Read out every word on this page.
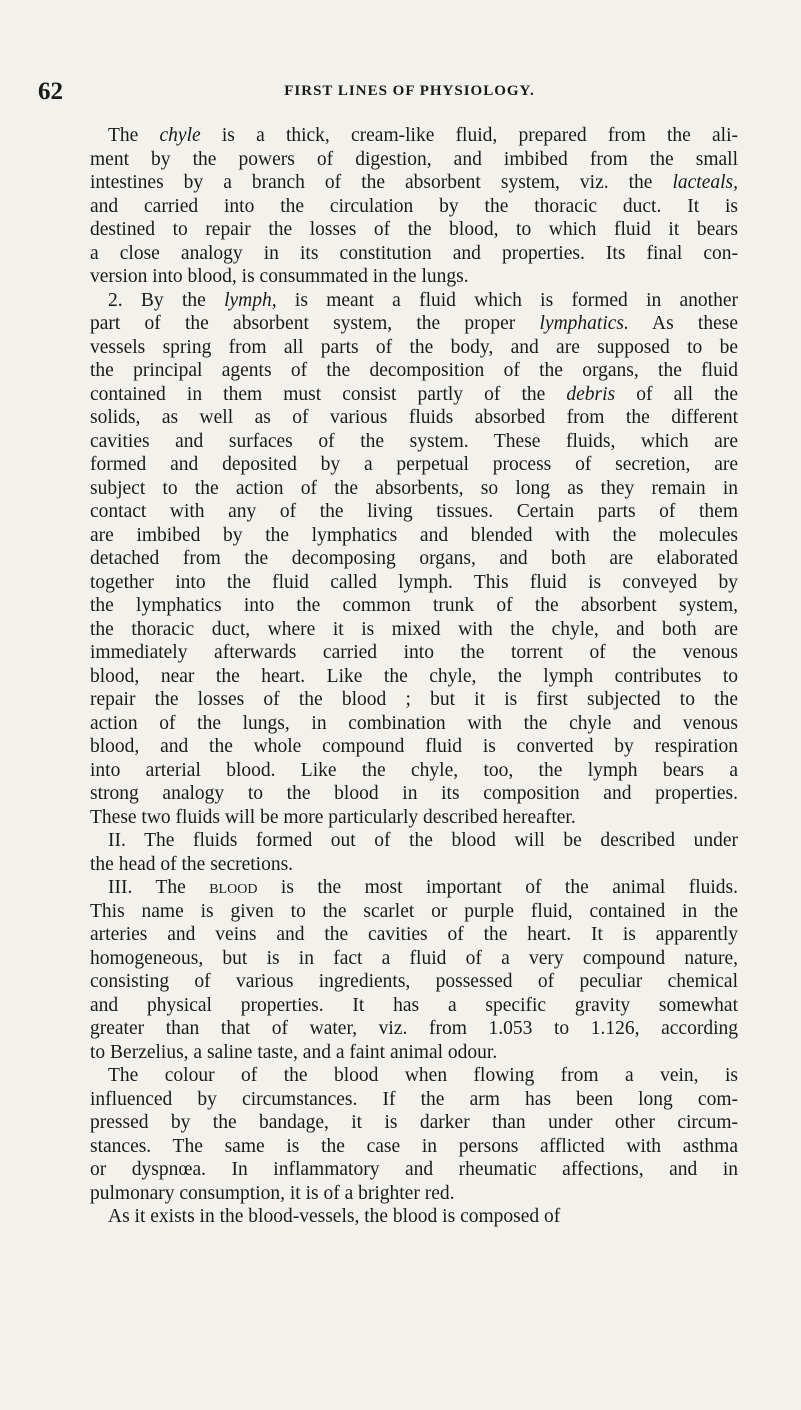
62	FIRST LINES OF PHYSIOLOGY.
The chyle is a thick, cream-like fluid, prepared from the ali-
ment by the powers of digestion, and imbibed from the small
intestines by a branch of the absorbent system, viz. the lacteals,
and carried into the circulation by the thoracic duct. It is
destined to repair the losses of the blood, to which fluid it bears
a close analogy in its constitution and properties. Its final con-
version into blood, is consummated in the lungs.
2. By the lymph, is meant a fluid which is formed in another
part of the absorbent system, the proper lymphatics. As these
vessels spring from all parts of the body, and are supposed to be
the principal agents of the decomposition of the organs, the fluid
contained in them must consist partly of the debris of all the
solids, as well as of various fluids absorbed from the different
cavities and surfaces of the system. These fluids, which are
formed and deposited by a perpetual process of secretion, are
subject to the action of the absorbents, so long as they remain in
contact with any of the living tissues. Certain parts of them
are imbibed by the lymphatics and blended with the molecules
detached from the decomposing organs, and both are elaborated
together into the fluid called lymph. This fluid is conveyed by
the lymphatics into the common trunk of the absorbent system,
the thoracic duct, where it is mixed with the chyle, and both are
immediately afterwards carried into the torrent of the venous
blood, near the heart. Like the chyle, the lymph contributes to
repair the losses of the blood ; but it is first subjected to the
action of the lungs, in combination with the chyle and venous
blood, and the whole compound fluid is converted by respiration
into arterial blood. Like the chyle, too, the lymph bears a
strong analogy to the blood in its composition and properties.
These two fluids will be more particularly described hereafter.
II. The fluids formed out of the blood will be described under
the head of the secretions.
III. The blood is the most important of the animal fluids.
This name is given to the scarlet or purple fluid, contained in the
arteries and veins and the cavities of the heart. It is apparently
homogeneous, but is in fact a fluid of a very compound nature,
consisting of various ingredients, possessed of peculiar chemical
and physical properties. It has a specific gravity somewhat
greater than that of water, viz. from 1.053 to 1.126, according
to Berzelius, a saline taste, and a faint animal odour.
The colour of the blood when flowing from a vein, is
influenced by circumstances. If the arm has been long com-
pressed by the bandage, it is darker than under other circum-
stances. The same is the case in persons afflicted with asthma
or dyspnœa. In inflammatory and rheumatic affections, and in
pulmonary consumption, it is of a brighter red.
As it exists in the blood-vessels, the blood is composed of
